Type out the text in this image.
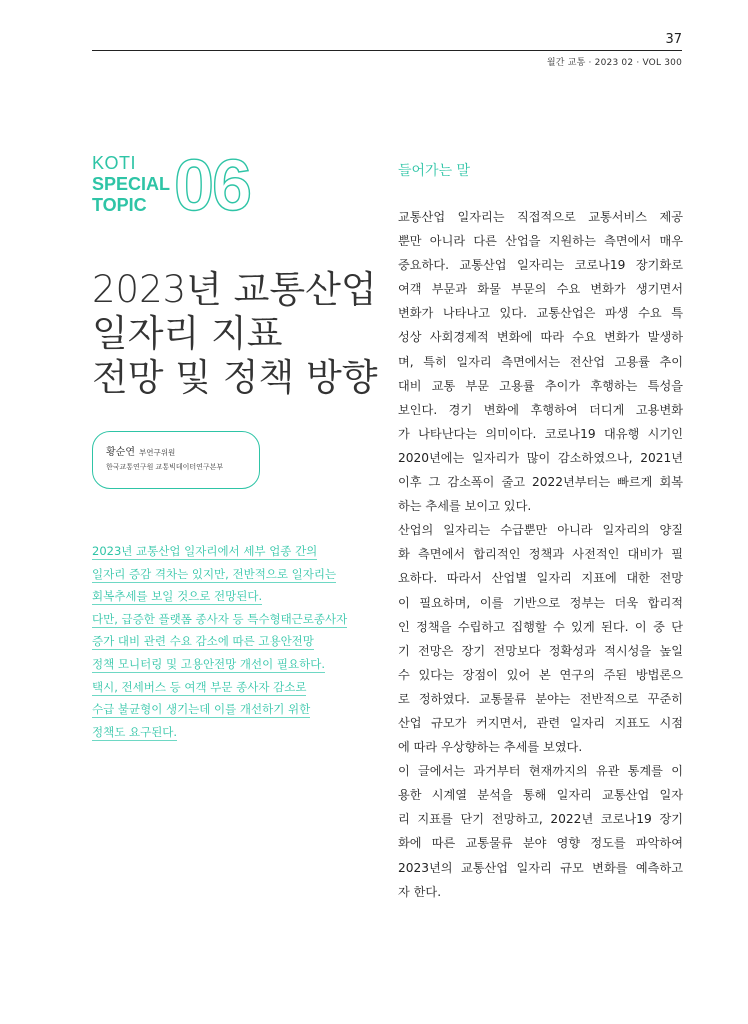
37
월간 교통 · 2023 02 · VOL 300
KOTI
SPECIAL
TOPIC 06
2023년 교통산업
일자리 지표
전망 및 정책 방향
황순연 부연구위원
한국교통연구원 교통빅데이터연구본부
2023년 교통산업 일자리에서 세부 업종 간의
일자리 증감 격차는 있지만, 전반적으로 일자리는
회복추세를 보일 것으로 전망된다.
다만, 급증한 플랫폼 종사자 등 특수형태근로종사자
증가 대비 관련 수요 감소에 따른 고용안전망
정책 모니터링 및 고용안전망 개선이 필요하다.
택시, 전세버스 등 여객 부문 종사자 감소로
수급 불균형이 생기는데 이를 개선하기 위한
정책도 요구된다.
들어가는 말
교통산업 일자리는 직접적으로 교통서비스 제공
뿐만 아니라 다른 산업을 지원하는 측면에서 매우
중요하다. 교통산업 일자리는 코로나19 장기화로
여객 부문과 화물 부문의 수요 변화가 생기면서
변화가 나타나고 있다. 교통산업은 파생 수요 특
성상 사회경제적 변화에 따라 수요 변화가 발생하
며, 특히 일자리 측면에서는 전산업 고용률 추이
대비 교통 부문 고용률 추이가 후행하는 특성을
보인다. 경기 변화에 후행하여 더디게 고용변화
가 나타난다는 의미이다. 코로나19 대유행 시기인
2020년에는 일자리가 많이 감소하였으나, 2021년
이후 그 감소폭이 줄고 2022년부터는 빠르게 회복
하는 추세를 보이고 있다.
산업의 일자리는 수급뿐만 아니라 일자리의 양질
화 측면에서 합리적인 정책과 사전적인 대비가 필
요하다. 따라서 산업별 일자리 지표에 대한 전망
이 필요하며, 이를 기반으로 정부는 더욱 합리적
인 정책을 수립하고 집행할 수 있게 된다. 이 중 단
기 전망은 장기 전망보다 정확성과 적시성을 높일
수 있다는 장점이 있어 본 연구의 주된 방법론으
로 정하였다. 교통물류 분야는 전반적으로 꾸준히
산업 규모가 커지면서, 관련 일자리 지표도 시점
에 따라 우상향하는 추세를 보였다.
이 글에서는 과거부터 현재까지의 유관 통계를 이
용한 시계열 분석을 통해 일자리 교통산업 일자
리 지표를 단기 전망하고, 2022년 코로나19 장기
화에 따른 교통물류 분야 영향 정도를 파악하여
2023년의 교통산업 일자리 규모 변화를 예측하고
자 한다.
